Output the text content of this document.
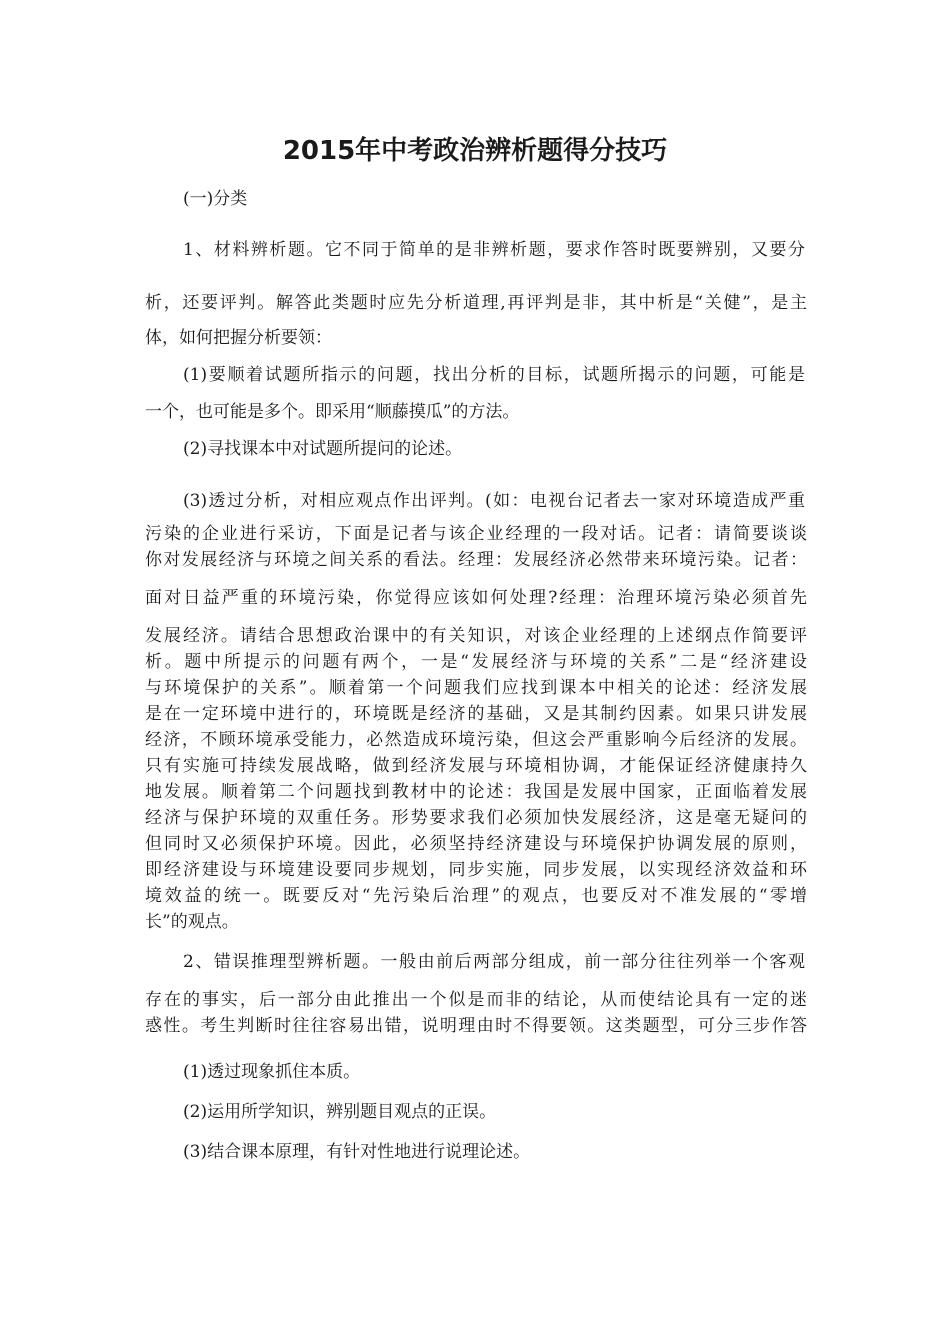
2015年中考政治辨析题得分技巧

(一)分类

1、材料辨析题。它不同于简单的是非辨析题，要求作答时既要辨别，又要分

析，还要评判。解答此类题时应先分析道理,再评判是非，其中析是“关健”，是主

体，如何把握分析要领：

(1)要顺着试题所指示的问题，找出分析的目标，试题所揭示的问题，可能是

一个，也可能是多个。即采用“顺藤摸瓜”的方法。

(2)寻找课本中对试题所提问的论述。

(3)透过分析，对相应观点作出评判。(如：电视台记者去一家对环境造成严重

污染的企业进行采访，下面是记者与该企业经理的一段对话。记者：请简要谈谈

你对发展经济与环境之间关系的看法。经理：发展经济必然带来环境污染。记者：

面对日益严重的环境污染，你觉得应该如何处理?经理：治理环境污染必须首先

发展经济。请结合思想政治课中的有关知识，对该企业经理的上述纲点作简要评

析。题中所提示的问题有两个，一是“发展经济与环境的关系”二是“经济建设

与环境保护的关系”。顺着第一个问题我们应找到课本中相关的论述：经济发展

是在一定环境中进行的，环境既是经济的基础，又是其制约因素。如果只讲发展

经济，不顾环境承受能力，必然造成环境污染，但这会严重影响今后经济的发展。

只有实施可持续发展战略，做到经济发展与环境相协调，才能保证经济健康持久

地发展。顺着第二个问题找到教材中的论述：我国是发展中国家，正面临着发展

经济与保护环境的双重任务。形势要求我们必须加快发展经济，这是毫无疑问的

但同时又必须保护环境。因此，必须坚持经济建设与环境保护协调发展的原则，

即经济建设与环境建设要同步规划，同步实施，同步发展，以实现经济效益和环

境效益的统一。既要反对“先污染后治理”的观点，也要反对不准发展的“零增

长”的观点。

2、错误推理型辨析题。一般由前后两部分组成，前一部分往往列举一个客观

存在的事实，后一部分由此推出一个似是而非的结论，从而使结论具有一定的迷

惑性。考生判断时往往容易出错，说明理由时不得要领。这类题型，可分三步作答

(1)透过现象抓住本质。

(2)运用所学知识，辨别题目观点的正误。

(3)结合课本原理，有针对性地进行说理论述。
